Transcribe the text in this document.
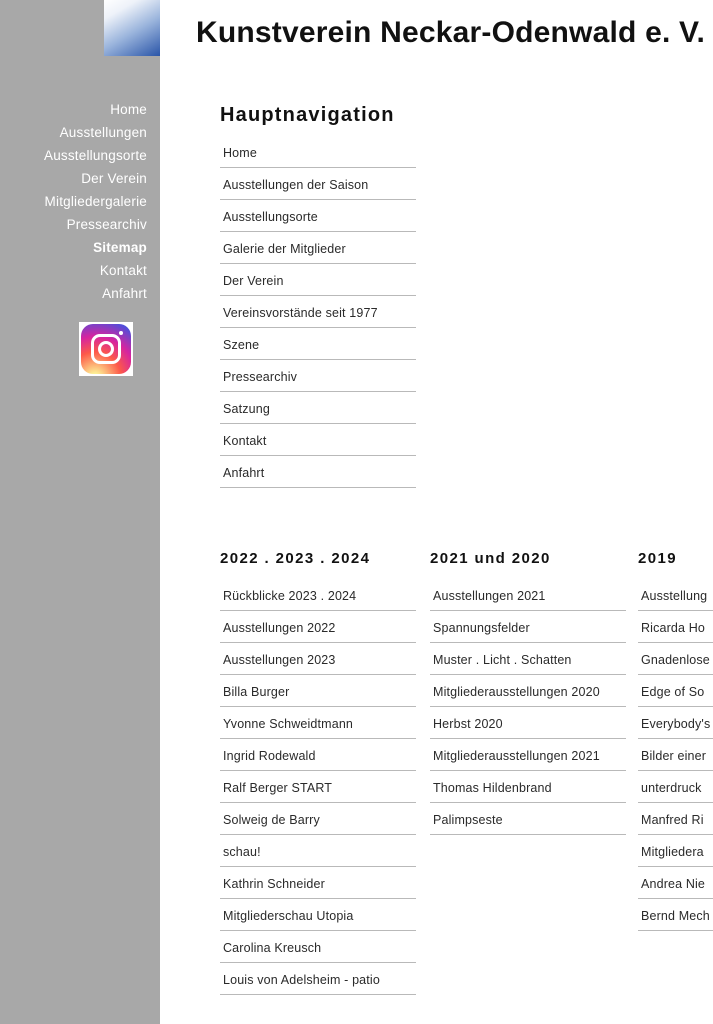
Home
Ausstellungen
Ausstellungsorte
Der Verein
Mitgliedergalerie
Pressearchiv
Sitemap
Kontakt
Anfahrt
Kunstverein Neckar-Odenwald e. V.
Hauptnavigation
Home
Ausstellungen der Saison
Ausstellungsorte
Galerie der Mitglieder
Der Verein
Vereinsvorstände seit 1977
Szene
Pressearchiv
Satzung
Kontakt
Anfahrt
2022 . 2023 . 2024
Rückblicke 2023 . 2024
Ausstellungen 2022
Ausstellungen 2023
Billa Burger
Yvonne Schweidtmann
Ingrid Rodewald
Ralf Berger START
Solweig de Barry
schau!
Kathrin Schneider
Mitgliederschau Utopia
Carolina Kreusch
Louis von Adelsheim - patio
2021 und 2020
Ausstellungen 2021
Spannungsfelder
Muster . Licht . Schatten
Mitgliederausstellungen 2020
Herbst 2020
Mitgliederausstellungen 2021
Thomas Hildenbrand
Palimpseste
2019
Ausstellung
Ricarda Ho
Gnadenlose
Edge of So
Everybody's
Bilder einer
unterdruck
Manfred Ri
Mitgliedera
Andrea Nie
Bernd Mech
